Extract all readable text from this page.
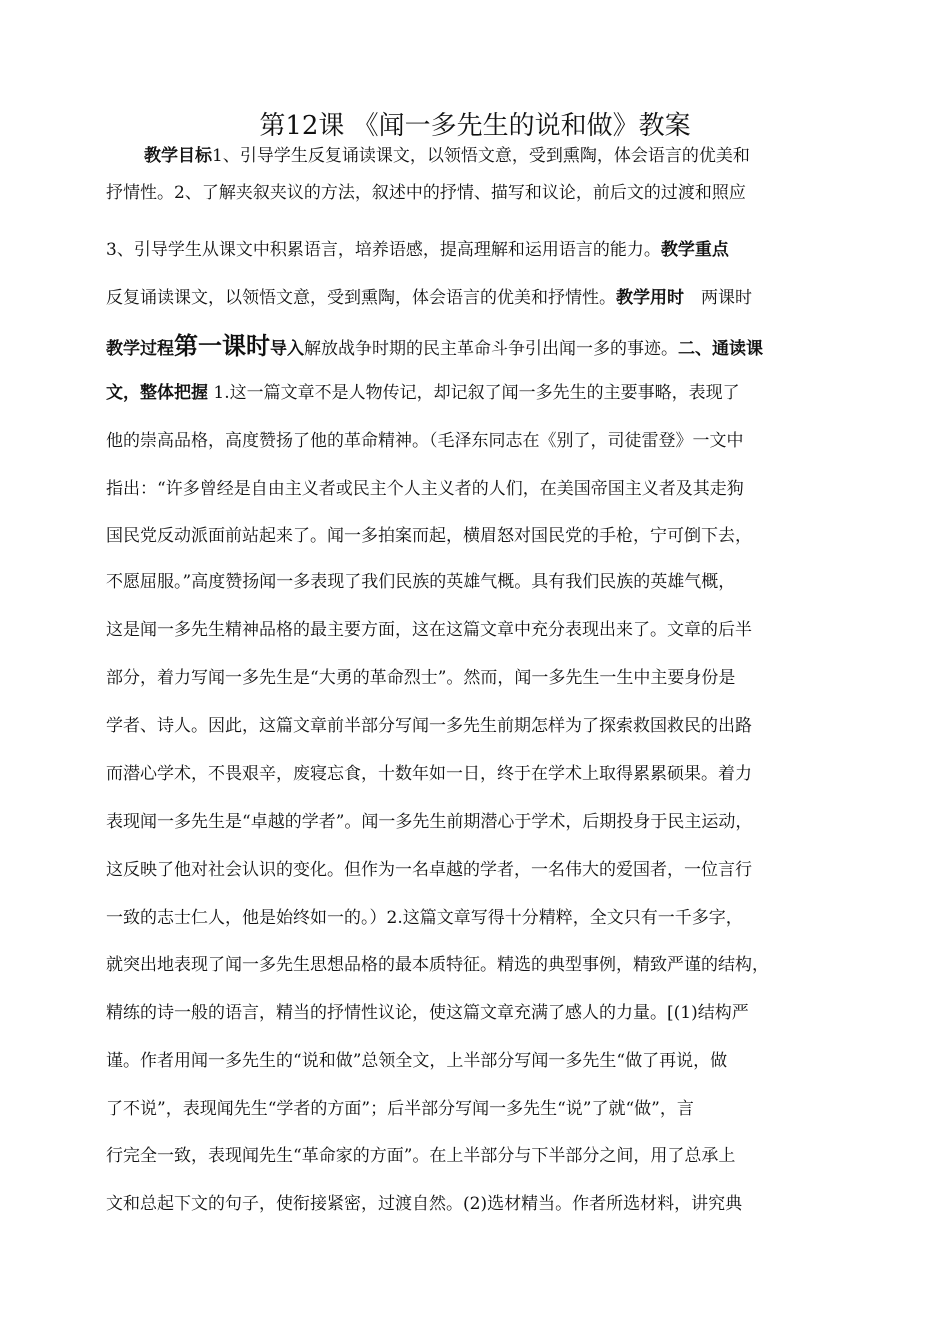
第12课 《闻一多先生的说和做》教案
教学目标1、引导学生反复诵读课文，以领悟文意，受到熏陶，体会语言的优美和
抒情性。2、了解夹叙夹议的方法，叙述中的抒情、描写和议论，前后文的过渡和照应
3、引导学生从课文中积累语言，培养语感，提高理解和运用语言的能力。教学重点
反复诵读课文，以领悟文意，受到熏陶，体会语言的优美和抒情性。教学用时　两课时
教学过程第一课时导入解放战争时期的民主革命斗争引出闻一多的事迹。二、通读课
文，整体把握 1.这一篇文章不是人物传记，却记叙了闻一多先生的主要事略，表现了
他的崇高品格，高度赞扬了他的革命精神。（毛泽东同志在《别了，司徒雷登》一文中
指出：“许多曾经是自由主义者或民主个人主义者的人们，在美国帝国主义者及其走狗
国民党反动派面前站起来了。闻一多拍案而起，横眉怒对国民党的手枪，宁可倒下去，
不愿屈服。”高度赞扬闻一多表现了我们民族的英雄气概。具有我们民族的英雄气概，
这是闻一多先生精神品格的最主要方面，这在这篇文章中充分表现出来了。文章的后半
部分，着力写闻一多先生是“大勇的革命烈士”。然而，闻一多先生一生中主要身份是
学者、诗人。因此，这篇文章前半部分写闻一多先生前期怎样为了探索救国救民的出路
而潜心学术，不畏艰辛，废寝忘食，十数年如一日，终于在学术上取得累累硕果。着力
表现闻一多先生是“卓越的学者”。闻一多先生前期潜心于学术，后期投身于民主运动，
这反映了他对社会认识的变化。但作为一名卓越的学者，一名伟大的爱国者，一位言行
一致的志士仁人，他是始终如一的。）2.这篇文章写得十分精粹，全文只有一千多字，
就突出地表现了闻一多先生思想品格的最本质特征。精选的典型事例，精致严谨的结构，
精练的诗一般的语言，精当的抒情性议论，使这篇文章充满了感人的力量。[(1)结构严
谨。作者用闻一多先生的“说和做”总领全文，上半部分写闻一多先生“做了再说，做
了不说”，表现闻先生“学者的方面”；后半部分写闻一多先生“说”了就“做”，言
行完全一致，表现闻先生“革命家的方面”。在上半部分与下半部分之间，用了总承上
文和总起下文的句子，使衔接紧密，过渡自然。(2)选材精当。作者所选材料，讲究典
